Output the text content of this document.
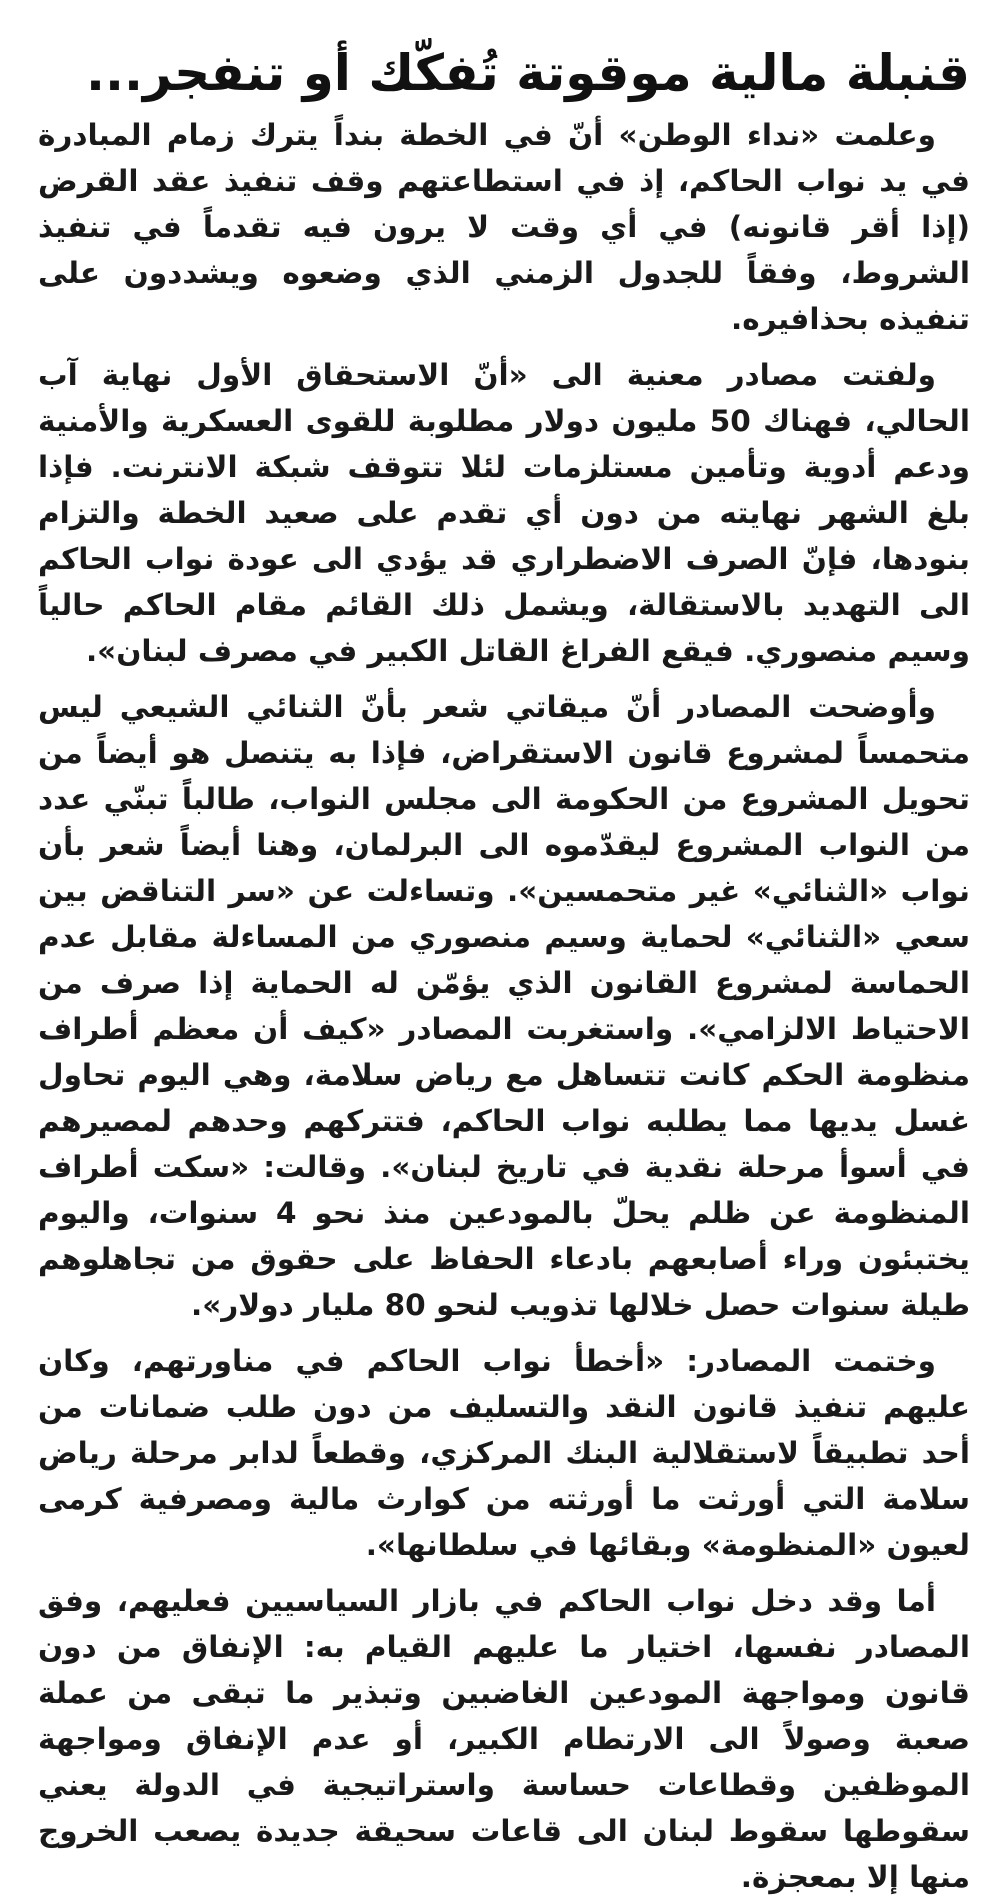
قنبلة مالية موقوتة تُفكّك أو تنفجر...

وعلمت «نداء الوطن» أنّ في الخطة بنداً يترك زمام المبادرة في يد نواب الحاكم، إذ في استطاعتهم وقف تنفيذ عقد القرض (إذا أقر قانونه) في أي وقت لا يرون فيه تقدماً في تنفيذ الشروط، وفقاً للجدول الزمني الذي وضعوه ويشددون على تنفيذه بحذافيره.

ولفتت مصادر معنية الى «أنّ الاستحقاق الأول نهاية آب الحالي، فهناك 50 مليون دولار مطلوبة للقوى العسكرية والأمنية ودعم أدوية وتأمين مستلزمات لئلا تتوقف شبكة الانترنت. فإذا بلغ الشهر نهايته من دون أي تقدم على صعيد الخطة والتزام بنودها، فإنّ الصرف الاضطراري قد يؤدي الى عودة نواب الحاكم الى التهديد بالاستقالة، ويشمل ذلك القائم مقام الحاكم حالياً وسيم منصوري. فيقع الفراغ القاتل الكبير في مصرف لبنان».

وأوضحت المصادر أنّ ميقاتي شعر بأنّ الثنائي الشيعي ليس متحمساً لمشروع قانون الاستقراض، فإذا به يتنصل هو أيضاً من تحويل المشروع من الحكومة الى مجلس النواب، طالباً تبنّي عدد من النواب المشروع ليقدّموه الى البرلمان، وهنا أيضاً شعر بأن نواب «الثنائي» غير متحمسين». وتساءلت عن «سر التناقض بين سعي «الثنائي» لحماية وسيم منصوري من المساءلة مقابل عدم الحماسة لمشروع القانون الذي يؤمّن له الحماية إذا صرف من الاحتياط الالزامي». واستغربت المصادر «كيف أن معظم أطراف منظومة الحكم كانت تتساهل مع رياض سلامة، وهي اليوم تحاول غسل يديها مما يطلبه نواب الحاكم، فتتركهم وحدهم لمصيرهم في أسوأ مرحلة نقدية في تاريخ لبنان». وقالت: «سكت أطراف المنظومة عن ظلم يحلّ بالمودعين منذ نحو 4 سنوات، واليوم يختبئون وراء أصابعهم بادعاء الحفاظ على حقوق من تجاهلوهم طيلة سنوات حصل خلالها تذويب لنحو 80 مليار دولار».

وختمت المصادر: «أخطأ نواب الحاكم في مناورتهم، وكان عليهم تنفيذ قانون النقد والتسليف من دون طلب ضمانات من أحد تطبيقاً لاستقلالية البنك المركزي، وقطعاً لدابر مرحلة رياض سلامة التي أورثت ما أورثته من كوارث مالية ومصرفية كرمى لعيون «المنظومة» وبقائها في سلطانها».

أما وقد دخل نواب الحاكم في بازار السياسيين فعليهم، وفق المصادر نفسها، اختيار ما عليهم القيام به: الإنفاق من دون قانون ومواجهة المودعين الغاضبين وتبذير ما تبقى من عملة صعبة وصولاً الى الارتطام الكبير، أو عدم الإنفاق ومواجهة الموظفين وقطاعات حساسة واستراتيجية في الدولة يعني سقوطها سقوط لبنان الى قاعات سحيقة جديدة يصعب الخروج منها إلا بمعجزة.
